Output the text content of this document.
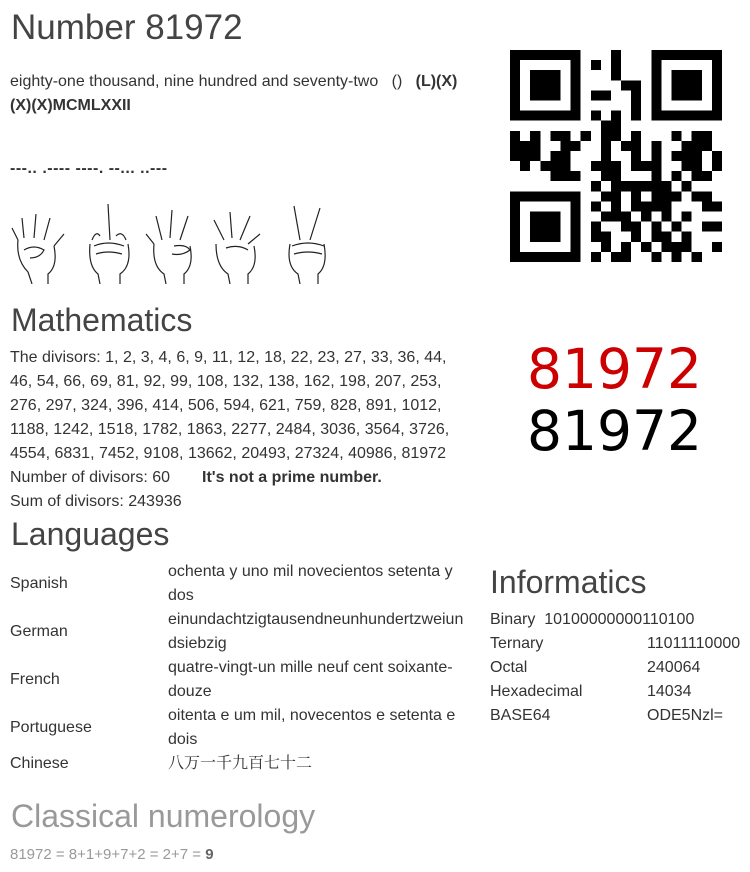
Number 81972
eighty-one thousand, nine hundred and seventy-two () (L)(X)
(X)(X)MCMLXXII
---.. .---- ----. --... ..---
Mathematics
The divisors: 1, 2, 3, 4, 6, 9, 11, 12, 18, 22, 23, 27, 33, 36, 44, 46, 54, 66, 69, 81, 92, 99, 108, 132, 138, 162, 198, 207, 253, 276, 297, 324, 396, 414, 506, 594, 621, 759, 828, 891, 1012, 1188, 1242, 1518, 1782, 1863, 2277, 2484, 3036, 3564, 3726, 4554, 6831, 7452, 9108, 13662, 20493, 27324, 40986, 81972
Number of divisors: 60 It's not a prime number.
Sum of divisors: 243936
81972
81972
Languages
Spanish	ochenta y uno mil novecientos setenta y
dos
German	einundachtzigtausendneunhundertzweiun
dsiebzig
French	quatre-vingt-un mille neuf cent soixante-
douze
Portuguese	oitenta e um mil, novecentos e setenta e
dois
Chinese	八万一千九百七十二
Informatics
Binary 10100000000110100
Ternary	11011110000
Octal	240064
Hexadecimal	14034
BASE64	ODE5Nzl=
Classical numerology
81972 = 8+1+9+7+2 = 2+7 = 9
